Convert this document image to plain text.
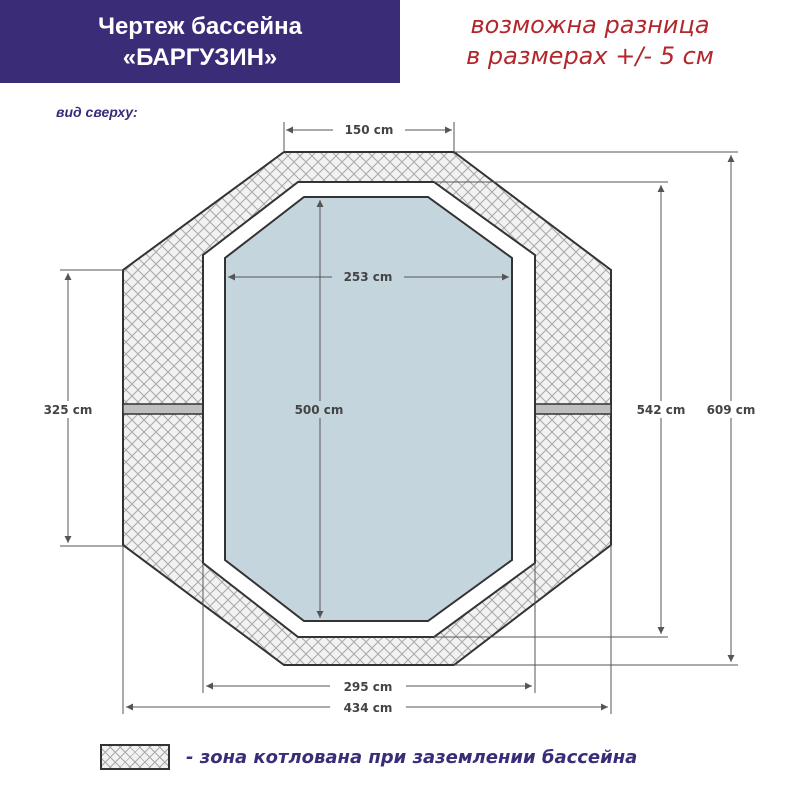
Чертеж бассейна
«БАРГУЗИН»
возможна разница
в размерах +/- 5 см
вид сверху:
150 cm
253 cm
500 cm
325 cm	542 cm 609 cm
295 cm
434 cm
- зона котлована при заземлении бассейна
